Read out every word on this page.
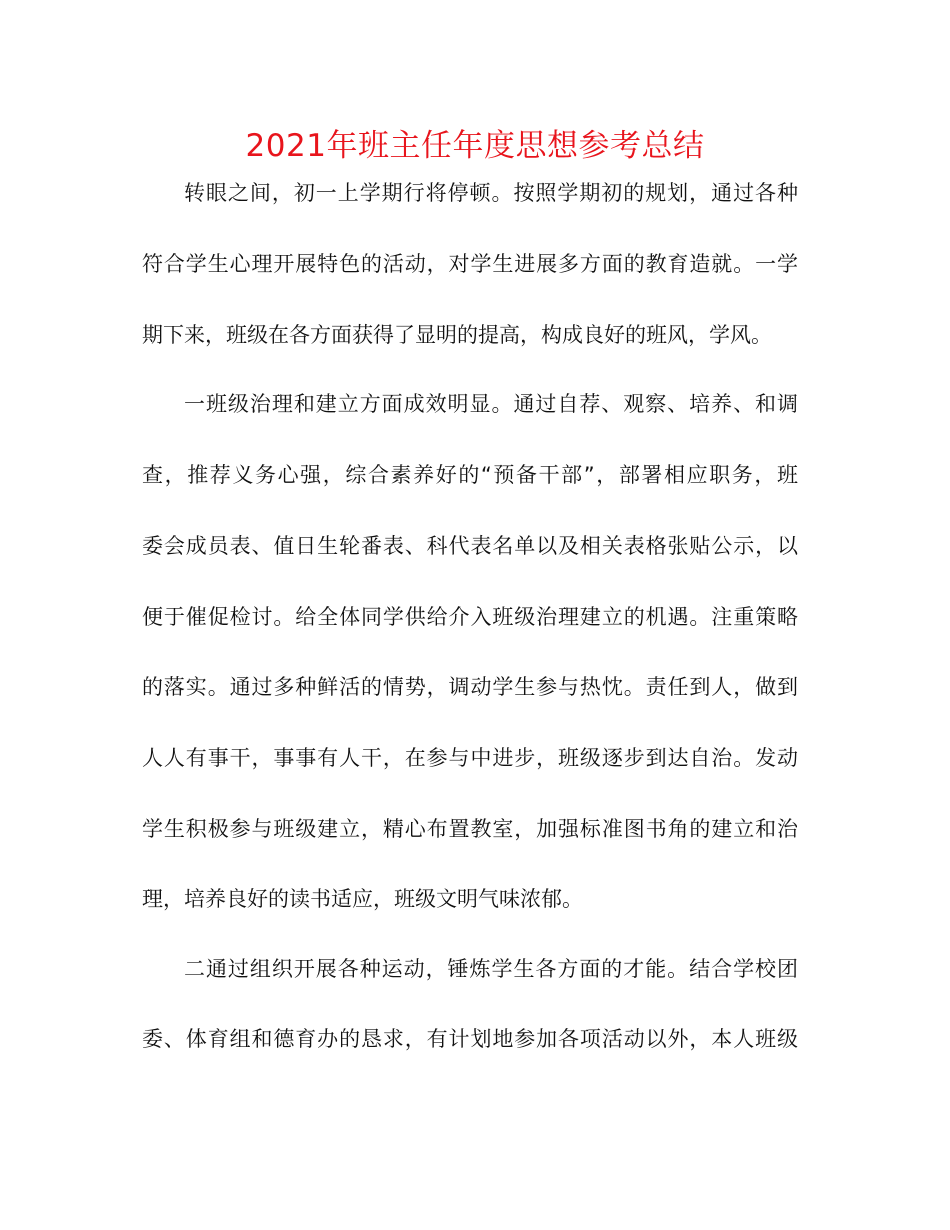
2021年班主任年度思想参考总结
转眼之间，初一上学期行将停顿。按照学期初的规划，通过各种
符合学生心理开展特色的活动，对学生进展多方面的教育造就。一学
期下来，班级在各方面获得了显明的提高，构成良好的班风，学风。
一班级治理和建立方面成效明显。通过自荐、观察、培养、和调
查，推荐义务心强，综合素养好的“预备干部”，部署相应职务，班
委会成员表、值日生轮番表、科代表名单以及相关表格张贴公示，以
便于催促检讨。给全体同学供给介入班级治理建立的机遇。注重策略
的落实。通过多种鲜活的情势，调动学生参与热忱。责任到人，做到
人人有事干，事事有人干，在参与中进步，班级逐步到达自治。发动
学生积极参与班级建立，精心布置教室，加强标准图书角的建立和治
理，培养良好的读书适应，班级文明气味浓郁。
二通过组织开展各种运动，锤炼学生各方面的才能。结合学校团
委、体育组和德育办的恳求，有计划地参加各项活动以外，本人班级
